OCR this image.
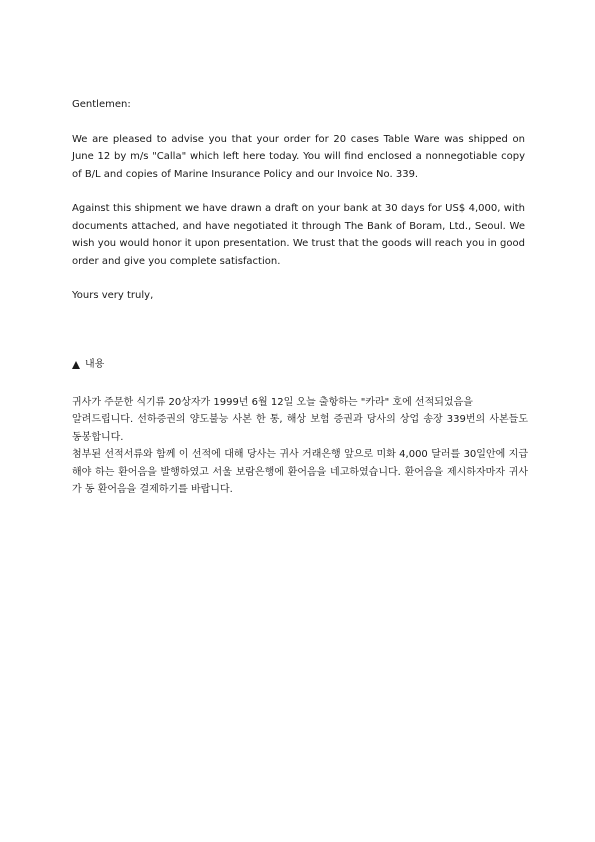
Gentlemen:

We are pleased to advise you that your order for 20 cases Table Ware was shipped on June 12 by m/s "Calla" which left here today. You will find enclosed a nonnegotiable copy of B/L and copies of Marine Insurance Policy and our Invoice No. 339.

Against this shipment we have drawn a draft on your bank at 30 days for US$ 4,000, with documents attached, and have negotiated it through The Bank of Boram, Ltd., Seoul. We wish you would honor it upon presentation. We trust that the goods will reach you in good order and give you complete satisfaction.

Yours very truly,

내용

귀사가 주문한 식기류 20상자가 1999년 6월 12일 오늘 출항하는 "카라" 호에 선적되었음을

알려드립니다. 선하증권의 양도불능 사본 한 통, 해상 보험 증권과 당사의 상업 송장 339번의 사본들도 동봉합니다.

첨부된 선적서류와 함께 이 선적에 대해 당사는 귀사 거래은행 앞으로 미화 4,000 달러를 30일안에 지급해야 하는 환어음을 발행하였고 서울 보람은행에 환어음을 네고하였습니다. 환어음을 제시하자마자 귀사가 동 환어음을 결제하기를 바랍니다.
